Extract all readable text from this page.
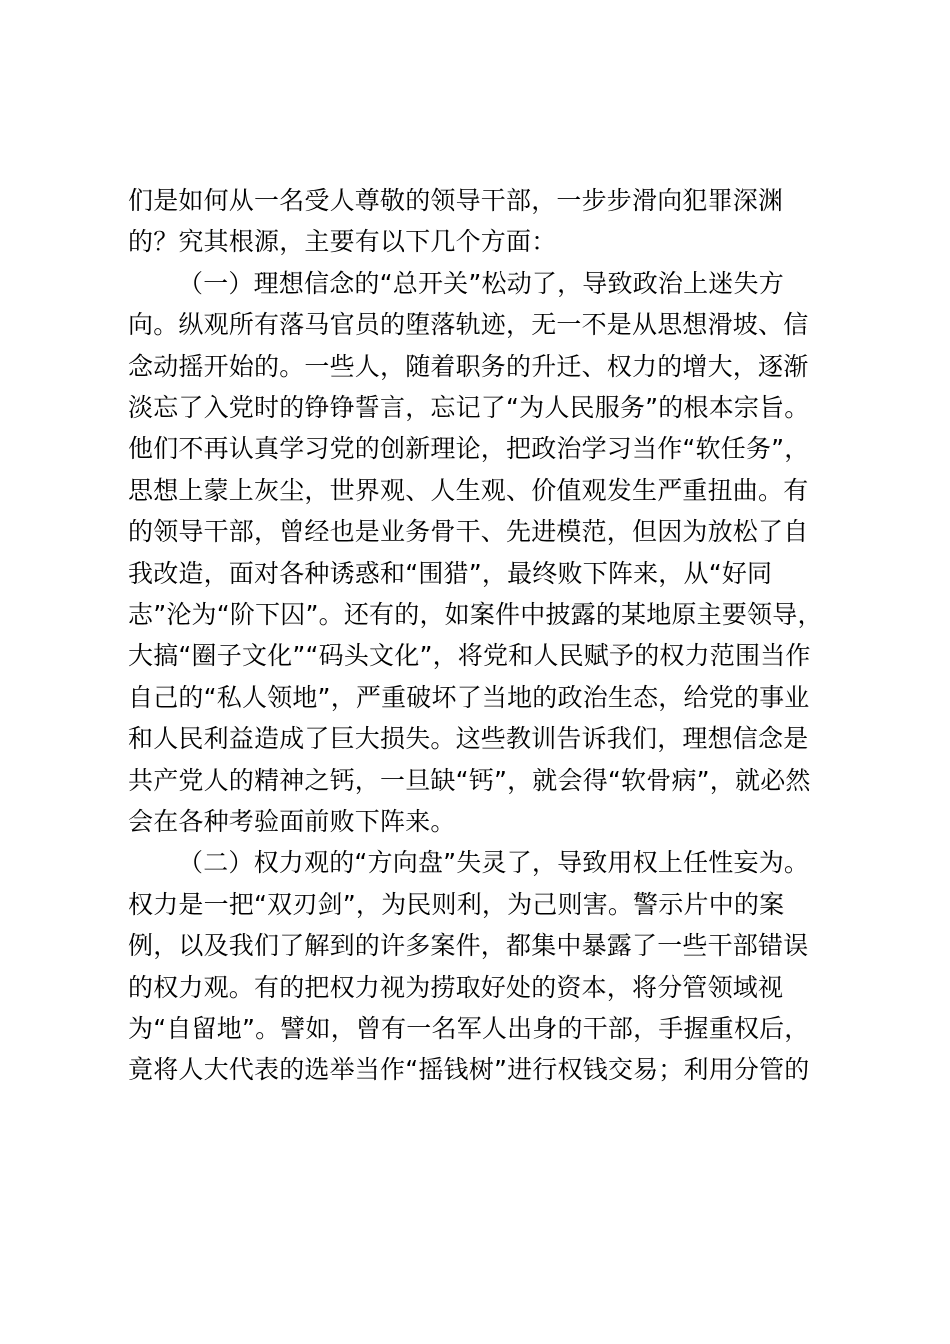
们是如何从一名受人尊敬的领导干部，一步步滑向犯罪深渊
的？究其根源，主要有以下几个方面：
（一）理想信念的“总开关”松动了，导致政治上迷失方
向。纵观所有落马官员的堕落轨迹，无一不是从思想滑坡、信
念动摇开始的。一些人，随着职务的升迁、权力的增大，逐渐
淡忘了入党时的铮铮誓言，忘记了“为人民服务”的根本宗旨。
他们不再认真学习党的创新理论，把政治学习当作“软任务”，
思想上蒙上灰尘，世界观、人生观、价值观发生严重扭曲。有
的领导干部，曾经也是业务骨干、先进模范，但因为放松了自
我改造，面对各种诱惑和“围猎”，最终败下阵来，从“好同
志”沦为“阶下囚”。还有的，如案件中披露的某地原主要领导，
大搞“圈子文化”“码头文化”，将党和人民赋予的权力范围当作
自己的“私人领地”，严重破坏了当地的政治生态，给党的事业
和人民利益造成了巨大损失。这些教训告诉我们，理想信念是
共产党人的精神之钙，一旦缺“钙”，就会得“软骨病”，就必然
会在各种考验面前败下阵来。
（二）权力观的“方向盘”失灵了，导致用权上任性妄为。
权力是一把“双刃剑”，为民则利，为己则害。警示片中的案
例，以及我们了解到的许多案件，都集中暴露了一些干部错误
的权力观。有的把权力视为捞取好处的资本，将分管领域视
为“自留地”。譬如，曾有一名军人出身的干部，手握重权后，
竟将人大代表的选举当作“摇钱树”进行权钱交易；利用分管的
